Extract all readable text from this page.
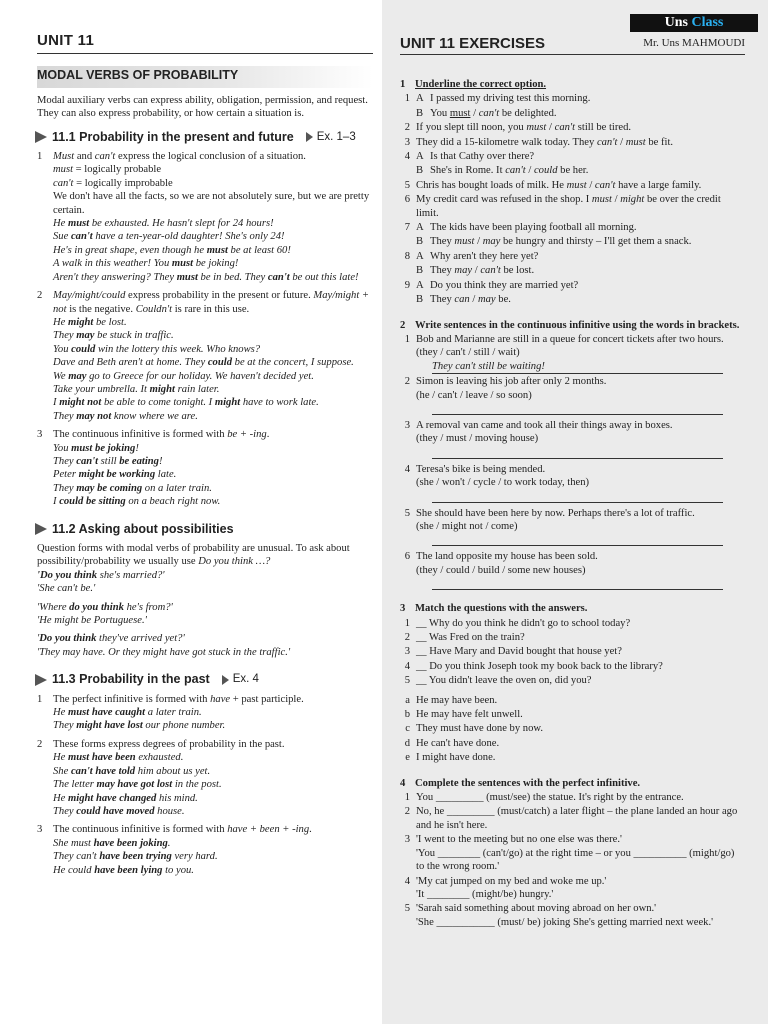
UNIT 11
MODAL VERBS OF PROBABILITY
Modal auxiliary verbs can express ability, obligation, permission, and request. They can also express probability, or how certain a situation is.
11.1 Probability in the present and future Ex. 1–3
1	Must and can't express the logical conclusion of a situation.
must = logically probable
can't = logically improbable
We don't have all the facts, so we are not absolutely sure, but we are pretty certain.
He must be exhausted. He hasn't slept for 24 hours!
Sue can't have a ten-year-old daughter! She's only 24!
He's in great shape, even though he must be at least 60!
A walk in this weather! You must be joking!
Aren't they answering? They must be in bed. They can't be out this late!
2	May/might/could express probability in the present or future. May/might + not is the negative. Couldn't is rare in this use.
He might be lost.
They may be stuck in traffic.
You could win the lottery this week. Who knows?
Dave and Beth aren't at home. They could be at the concert, I suppose.
We may go to Greece for our holiday. We haven't decided yet.
Take your umbrella. It might rain later.
I might not be able to come tonight. I might have to work late.
They may not know where we are.
3	The continuous infinitive is formed with be + -ing.
You must be joking!
They can't still be eating!
Peter might be working late.
They may be coming on a later train.
I could be sitting on a beach right now.
11.2 Asking about possibilities
Question forms with modal verbs of probability are unusual. To ask about possibility/probability we usually use Do you think …?
'Do you think she's married?'
'She can't be.'
'Where do you think he's from?'
'He might be Portuguese.'
'Do you think they've arrived yet?'
'They may have. Or they might have got stuck in the traffic.'
11.3 Probability in the past Ex. 4
1	The perfect infinitive is formed with have + past participle.
He must have caught a later train.
They might have lost our phone number.
2	These forms express degrees of probability in the past.
He must have been exhausted.
She can't have told him about us yet.
The letter may have got lost in the post.
He might have changed his mind.
They could have moved house.
3	The continuous infinitive is formed with have + been + -ing.
She must have been joking.
They can't have been trying very hard.
He could have been lying to you.
Uns Class
UNIT 11 EXERCISES	Mr. Uns MAHMOUDI
1 Underline the correct option.
1 A I passed my driving test this morning.
B You must / can't be delighted.
2 If you slept till noon, you must / can't still be tired.
3 They did a 15-kilometre walk today. They can't / must be fit.
4 A Is that Cathy over there?
B She's in Rome. It can't / could be her.
5 Chris has bought loads of milk. He must / can't have a large family.
6 My credit card was refused in the shop. I must / might be over the credit limit.
7 A The kids have been playing football all morning.
B They must / may be hungry and thirsty – I'll get them a snack.
8 A Why aren't they here yet?
B They may / can't be lost.
9 A Do you think they are married yet?
B They can / may be.
2 Write sentences in the continuous infinitive using the words in brackets.
1 Bob and Marianne are still in a queue for concert tickets after two hours.
(they / can't / still / wait)
They can't still be waiting!
2 Simon is leaving his job after only 2 months.
(he / can't / leave / so soon)
3 A removal van came and took all their things away in boxes.
(they / must / moving house)
4 Teresa's bike is being mended.
(she / won't / cycle / to work today, then)
5 She should have been here by now. Perhaps there's a lot of traffic.
(she / might not / come)
6 The land opposite my house has been sold.
(they / could / build / some new houses)
3 Match the questions with the answers.
1 __ Why do you think he didn't go to school today?
2 __ Was Fred on the train?
3 __ Have Mary and David bought that house yet?
4 __ Do you think Joseph took my book back to the library?
5 __ You didn't leave the oven on, did you?
a He may have been.
b He may have felt unwell.
c They must have done by now.
d He can't have done.
e I might have done.
4 Complete the sentences with the perfect infinitive.
1 You _________ (must/see) the statue. It's right by the entrance.
2 No, he _________ (must/catch) a later flight – the plane landed an hour ago and he isn't here.
3 'I went to the meeting but no one else was there.'
'You ________ (can't/go) at the right time – or you __________ (might/go) to the wrong room.'
4 'My cat jumped on my bed and woke me up.'
'It ________ (might/be) hungry.'
5 'Sarah said something about moving abroad on her own.'
'She ___________ (must/ be) joking She's getting married next week.'
